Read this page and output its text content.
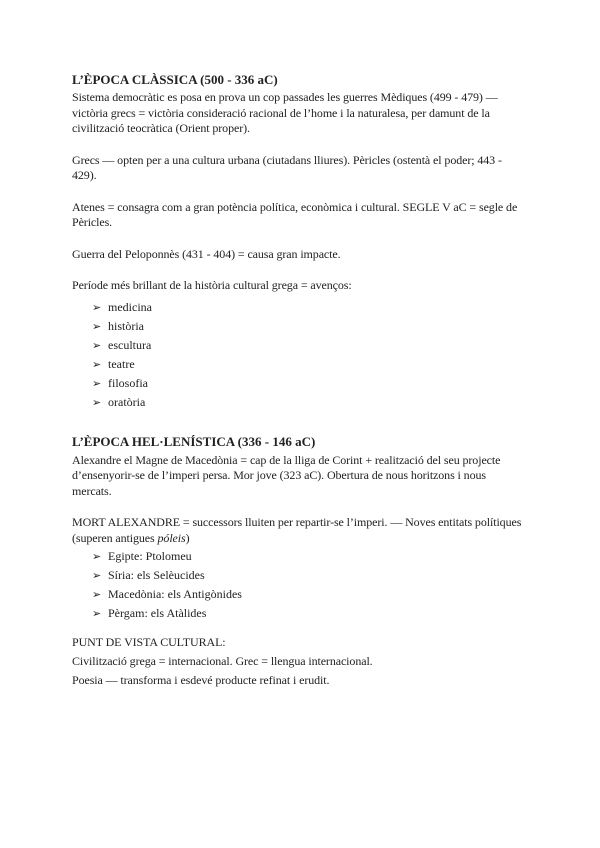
L’ÈPOCA CLÀSSICA (500 - 336 aC)

Sistema democràtic es posa en prova un cop passades les guerres Mèdiques (499 - 479) — victòria grecs = victòria consideració racional de l’home i la naturalesa, per damunt de la civilització teocràtica (Orient proper).

Grecs — opten per a una cultura urbana (ciutadans lliures). Pèricles (ostentà el poder; 443 - 429).

Atenes = consagra com a gran potència política, econòmica i cultural. SEGLE V aC = segle de Pèricles.

Guerra del Peloponnès (431 - 404) = causa gran impacte.

Període més brillant de la història cultural grega = avenços:

➢ medicina
➢ història
➢ escultura
➢ teatre
➢ filosofia
➢ oratòria
L’ÈPOCA HEL·LENÍSTICA (336 - 146 aC)

Alexandre el Magne de Macedònia = cap de la lliga de Corint + realització del seu projecte d’ensenyorir-se de l’imperi persa. Mor jove (323 aC). Obertura de nous horitzons i nous mercats.

MORT ALEXANDRE = successors lluiten per repartir-se l’imperi. — Noves entitats polítiques (superen antigues póleis)

➢ Egipte: Ptolomeu
➢ Síria: els Selèucides
➢ Macedònia: els Antigònides
➢ Pèrgam: els Atàlides

PUNT DE VISTA CULTURAL:

Civilització grega = internacional. Grec = llengua internacional.

Poesia — transforma i esdevé producte refinat i erudit.
